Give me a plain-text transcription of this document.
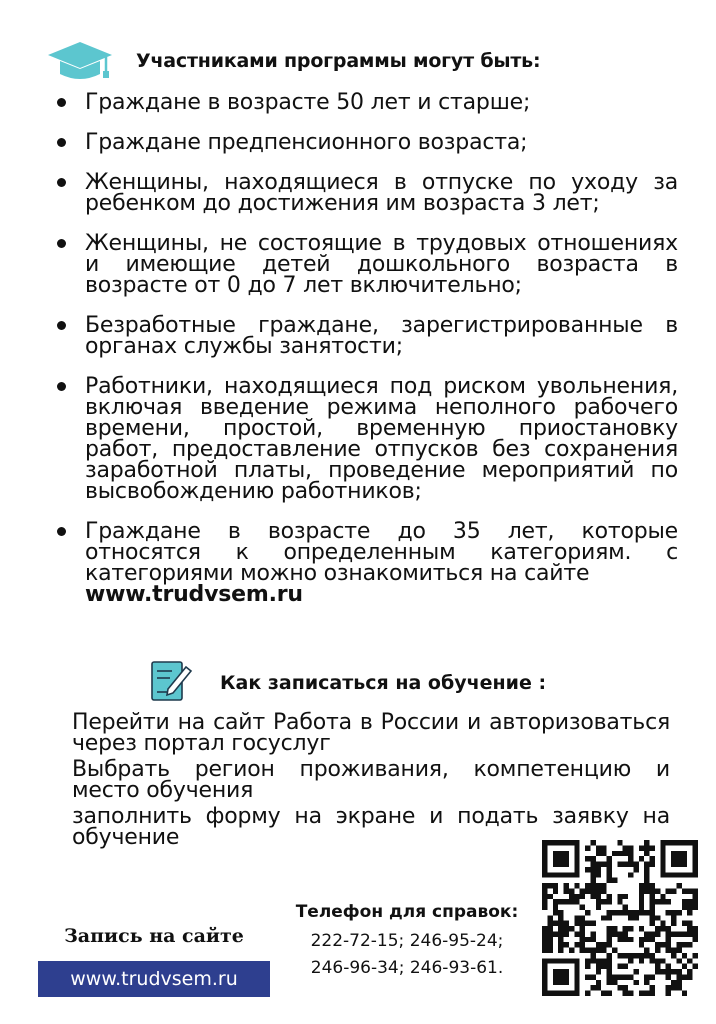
Участниками программы могут быть:
Граждане в возрасте 50 лет и старше;
Граждане предпенсионного возраста;
Женщины, находящиеся в отпуске по уходу за ребенком до достижения им возраста 3 лет;
Женщины, не состоящие в трудовых отношениях и имеющие детей дошкольного возраста в возрасте от 0 до 7 лет включительно;
Безработные граждане, зарегистрированные в органах службы занятости;
Работники, находящиеся под риском увольнения, включая введение режима неполного рабочего времени, простой, временную приостановку работ, предоставление отпусков без сохранения заработной платы, проведение мероприятий по высвобождению работников;
Граждане в возрасте до 35 лет, которые относятся к определенным категориям. с категориями можно ознакомиться на сайте
www.trudvsem.ru
Как записаться на обучение :
Перейти на сайт Работа в России и авторизоваться через портал госуслуг
Выбрать регион проживания, компетенцию и место обучения
заполнить форму на экране и подать заявку на обучение
Телефон для справок:
222-72-15; 246-95-24;
246-96-34; 246-93-61.
Запись на сайте
www.trudvsem.ru
